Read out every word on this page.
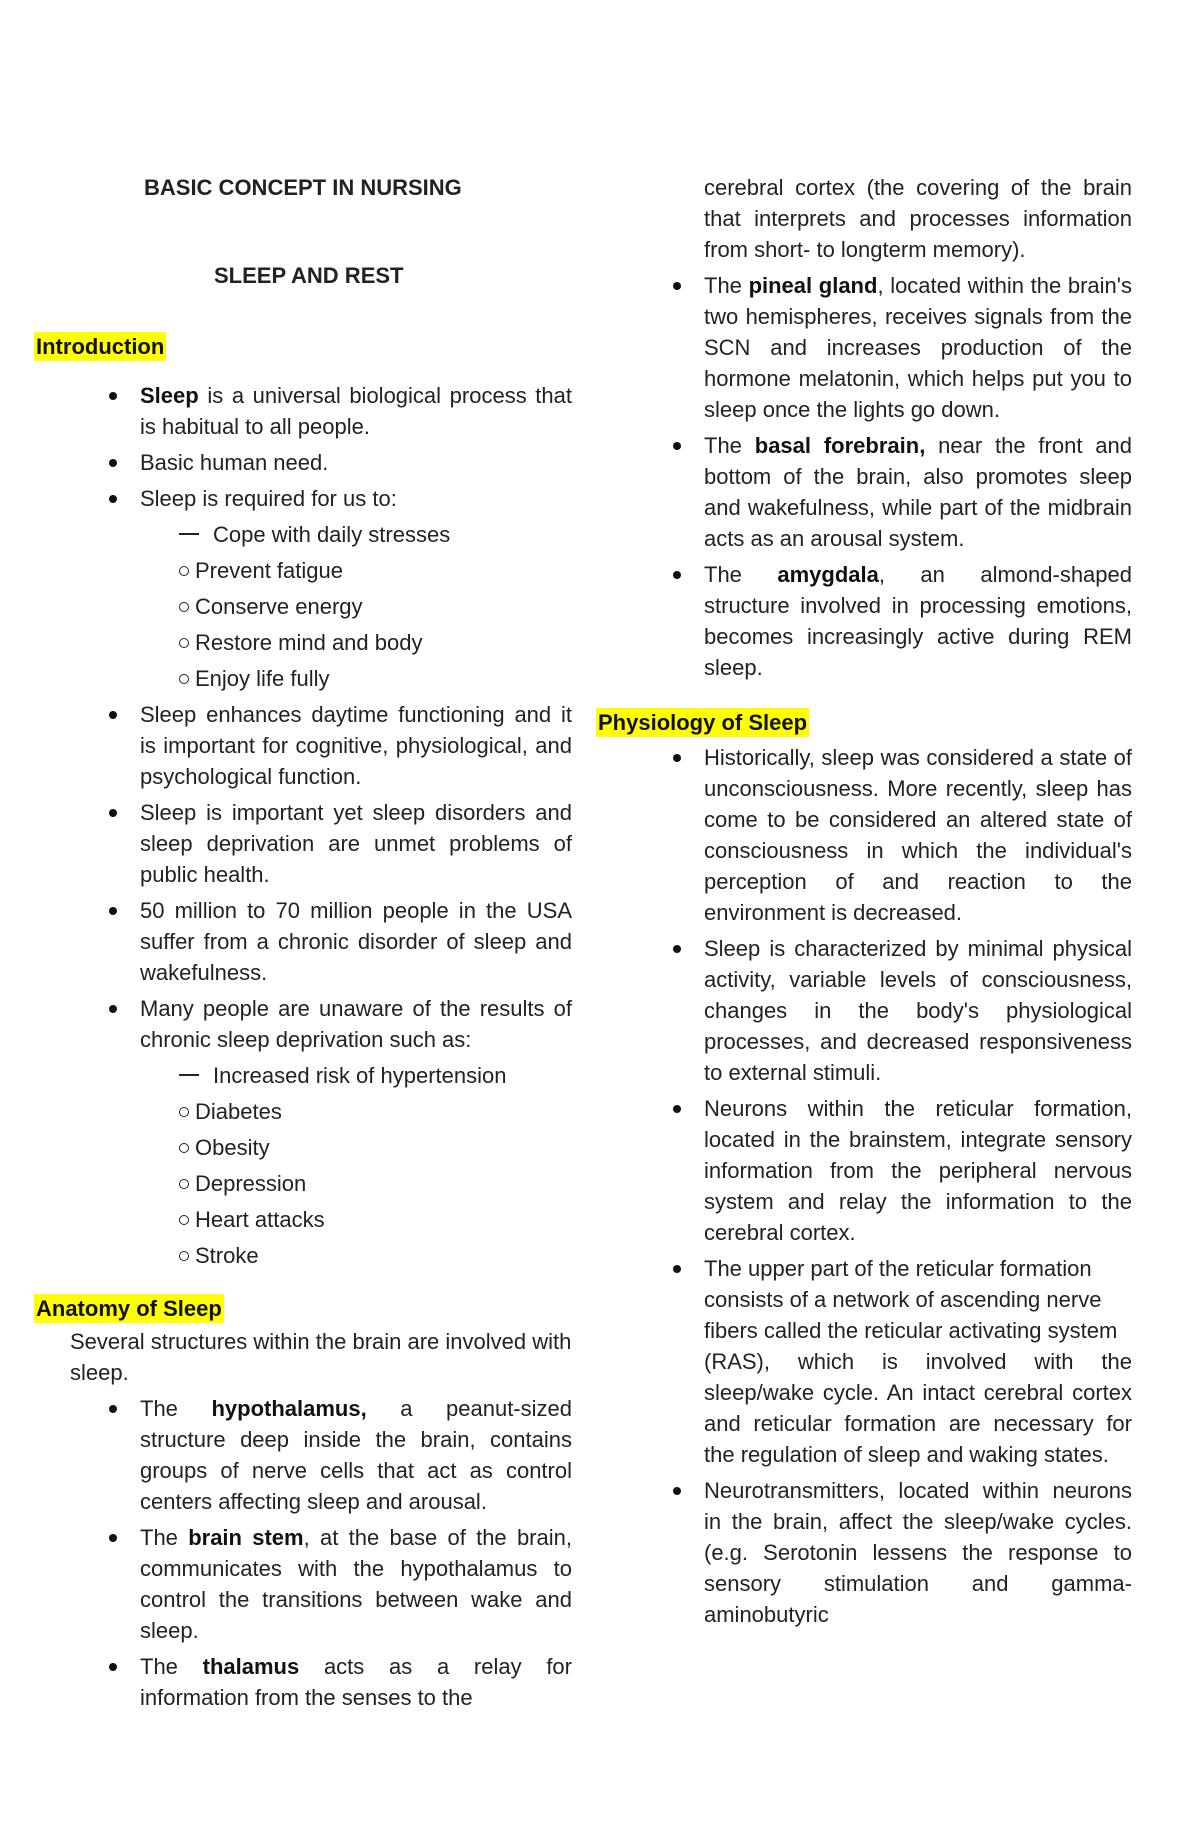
BASIC CONCEPT IN NURSING
SLEEP AND REST
Introduction
Sleep is a universal biological process that is habitual to all people.
Basic human need.
Sleep is required for us to:
Cope with daily stresses
Prevent fatigue
Conserve energy
Restore mind and body
Enjoy life fully
Sleep enhances daytime functioning and it is important for cognitive, physiological, and psychological function.
Sleep is important yet sleep disorders and sleep deprivation are unmet problems of public health.
50 million to 70 million people in the USA suffer from a chronic disorder of sleep and wakefulness.
Many people are unaware of the results of chronic sleep deprivation such as:
Increased risk of hypertension
Diabetes
Obesity
Depression
Heart attacks
Stroke
Anatomy of Sleep
Several structures within the brain are involved with sleep.
The hypothalamus, a peanut-sized structure deep inside the brain, contains groups of nerve cells that act as control centers affecting sleep and arousal.
The brain stem, at the base of the brain, communicates with the hypothalamus to control the transitions between wake and sleep.
The thalamus acts as a relay for information from the senses to the
cerebral cortex (the covering of the brain that interprets and processes information from short- to longterm memory).
The pineal gland, located within the brain's two hemispheres, receives signals from the SCN and increases production of the hormone melatonin, which helps put you to sleep once the lights go down.
The basal forebrain, near the front and bottom of the brain, also promotes sleep and wakefulness, while part of the midbrain acts as an arousal system.
The amygdala, an almond-shaped structure involved in processing emotions, becomes increasingly active during REM sleep.
Physiology of Sleep
Historically, sleep was considered a state of unconsciousness. More recently, sleep has come to be considered an altered state of consciousness in which the individual's perception of and reaction to the environment is decreased.
Sleep is characterized by minimal physical activity, variable levels of consciousness, changes in the body's physiological processes, and decreased responsiveness to external stimuli.
Neurons within the reticular formation, located in the brainstem, integrate sensory information from the peripheral nervous system and relay the information to the cerebral cortex.
The upper part of the reticular formation consists of a network of ascending nerve fibers called the reticular activating system
(RAS), which is involved with the sleep/wake cycle. An intact cerebral cortex and reticular formation are necessary for the regulation of sleep and waking states.
Neurotransmitters, located within neurons in the brain, affect the sleep/wake cycles. (e.g. Serotonin lessens the response to sensory stimulation and gamma-aminobutyric
